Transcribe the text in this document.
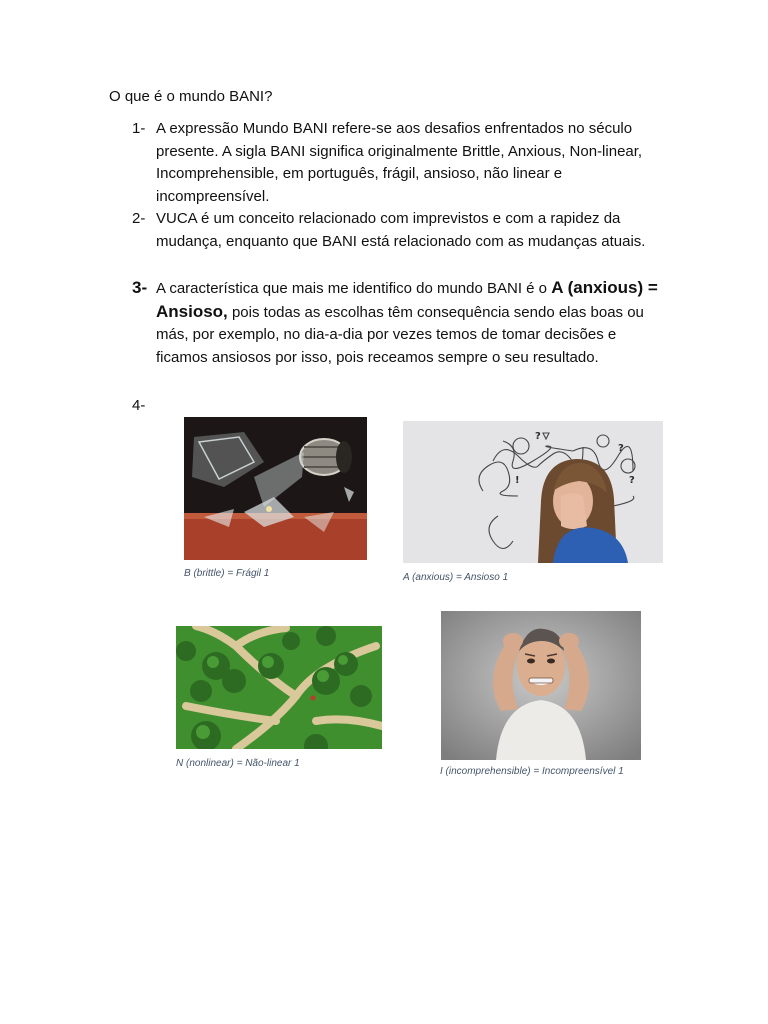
O que é o mundo BANI?
1- A expressão Mundo BANI refere-se aos desafios enfrentados no século presente. A sigla BANI significa originalmente Brittle, Anxious, Non-linear, Incomprehensible, em português, frágil, ansioso, não linear e incompreensível.
2- VUCA é um conceito relacionado com imprevistos e com a rapidez da mudança, enquanto que BANI está relacionado com as mudanças atuais.
3- A característica que mais me identifico do mundo BANI é o A (anxious) = Ansioso, pois todas as escolhas têm consequência sendo elas boas ou más, por exemplo, no dia-a-dia por vezes temos de tomar decisões e ficamos ansiosos por isso, pois receamos sempre o seu resultado.
4-
B (brittle) = Frágil 1
?
?
?
!
A (anxious) = Ansioso 1
N (nonlinear) = Não-linear 1
I (incomprehensible) = Incompreensível 1
